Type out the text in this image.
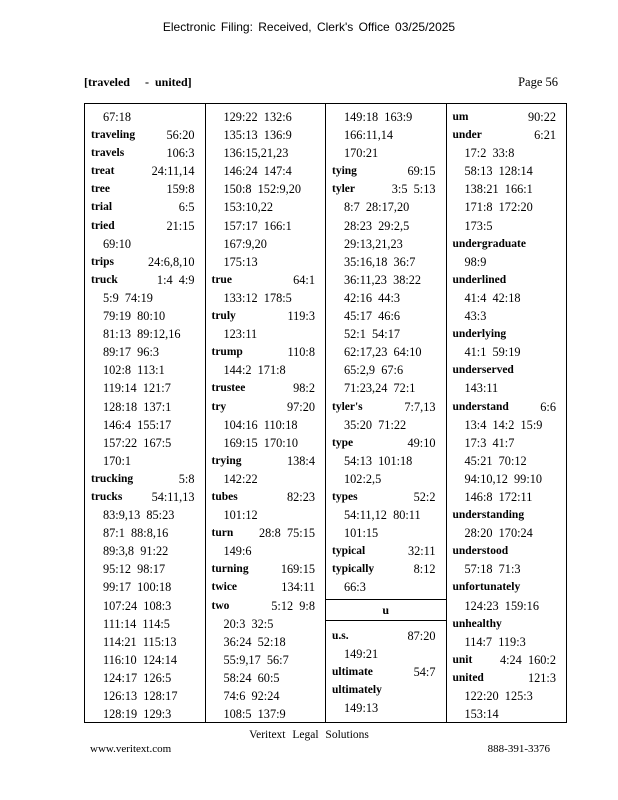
Electronic Filing: Received, Clerk's Office 03/25/2025
[traveled     -  united]	Page 56
67:18
traveling	56:20
travels	106:3
treat	24:11,14
tree	159:8
trial	6:5
tried	21:15
69:10
trips	24:6,8,10
truck	1:4  4:9
5:9  74:19
79:19  80:10
81:13  89:12,16
89:17  96:3
102:8  113:1
119:14  121:7
128:18  137:1
146:4  155:17
157:22  167:5
170:1
trucking	5:8
trucks 54:11,13
83:9,13  85:23
87:1  88:8,16
89:3,8  91:22
95:12  98:17
99:17  100:18
107:24  108:3
111:14  114:5
114:21  115:13
116:10  124:14
124:17  126:5
126:13  128:17
128:19  129:3
129:22  132:6
135:13  136:9
136:15,21,23
146:24  147:4
150:8  152:9,20
153:10,22
157:17  166:1
167:9,20
175:13
true	64:1
133:12  178:5
truly	119:3
123:11
trump	110:8
144:2  171:8
trustee	98:2
try	97:20
104:16  110:18
169:15  170:10
trying	138:4
142:22
tubes	82:23
101:12
turn 28:8  75:15
149:6
turning	169:15
twice	134:11
two	5:12  9:8
20:3  32:5
36:24  52:18
55:9,17  56:7
58:24  60:5
74:6  92:24
108:5  137:9
149:18  163:9
166:11,14
170:21
tying	69:15
tyler	3:5  5:13
8:7  28:17,20
28:23  29:2,5
29:13,21,23
35:16,18  36:7
36:11,23  38:22
42:16  44:3
45:17  46:6
52:1  54:17
62:17,23  64:10
65:2,9  67:6
71:23,24  72:1
tyler's	7:7,13
35:20  71:22
type	49:10
54:13  101:18
102:2,5
types	52:2
54:11,12  80:11
101:15
typical	32:11
typically	8:12
66:3
u
u.s.	87:20
149:21
ultimate	54:7
ultimately
149:13
um	90:22
under	6:21
17:2  33:8
58:13  128:14
138:21  166:1
171:8  172:20
173:5
undergraduate
98:9
underlined
41:4  42:18
43:3
underlying
41:1  59:19
underserved
143:11
understand	6:6
13:4  14:2  15:9
17:3  41:7
45:21  70:12
94:10,12  99:10
146:8  172:11
understanding
28:20  170:24
understood
57:18  71:3
unfortunately
124:23  159:16
unhealthy
114:7  119:3
unit 4:24  160:2
united	121:3
122:20  125:3
153:14
Veritext Legal Solutions
www.veritext.com	888-391-3376
